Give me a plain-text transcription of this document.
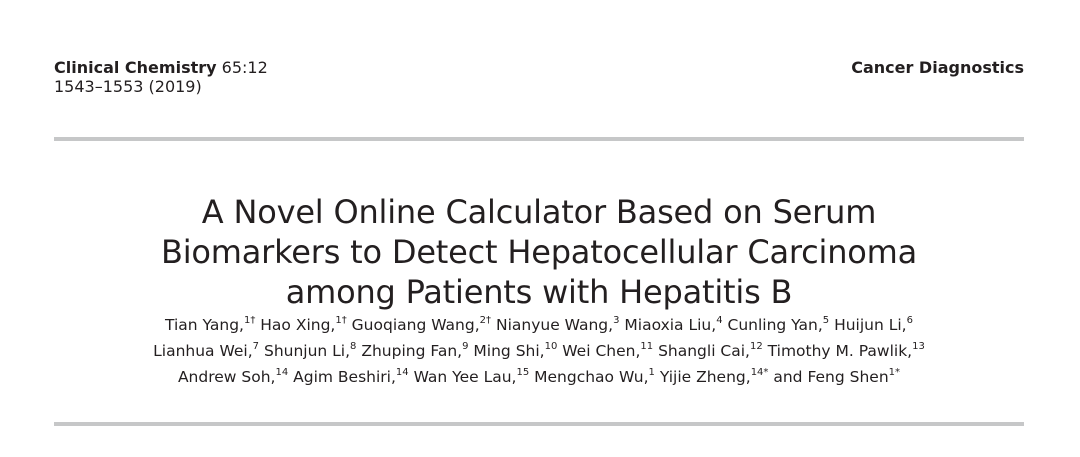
Clinical Chemistry 65:12
1543–1553 (2019)
Cancer Diagnostics
A Novel Online Calculator Based on Serum
Biomarkers to Detect Hepatocellular Carcinoma
among Patients with Hepatitis B
Tian Yang,$^{1\dagger}$ Hao Xing,$^{1\dagger}$ Guoqiang Wang,$^{2\dagger}$ Nianyue Wang,$^3$ Miaoxia Liu,$^4$ Cunling Yan,$^5$ Huijun Li,$^6$
Lianhua Wei,$^7$ Shunjun Li,$^8$ Zhuping Fan,$^9$ Ming Shi,$^{10}$ Wei Chen,$^{11}$ Shangli Cai,$^{12}$ Timothy M. Pawlik,$^{13}$
Andrew Soh,$^{14}$ Agim Beshiri,$^{14}$ Wan Yee Lau,$^{15}$ Mengchao Wu,$^1$ Yijie Zheng,$^{14*}$ and Feng Shen$^{1*}$
